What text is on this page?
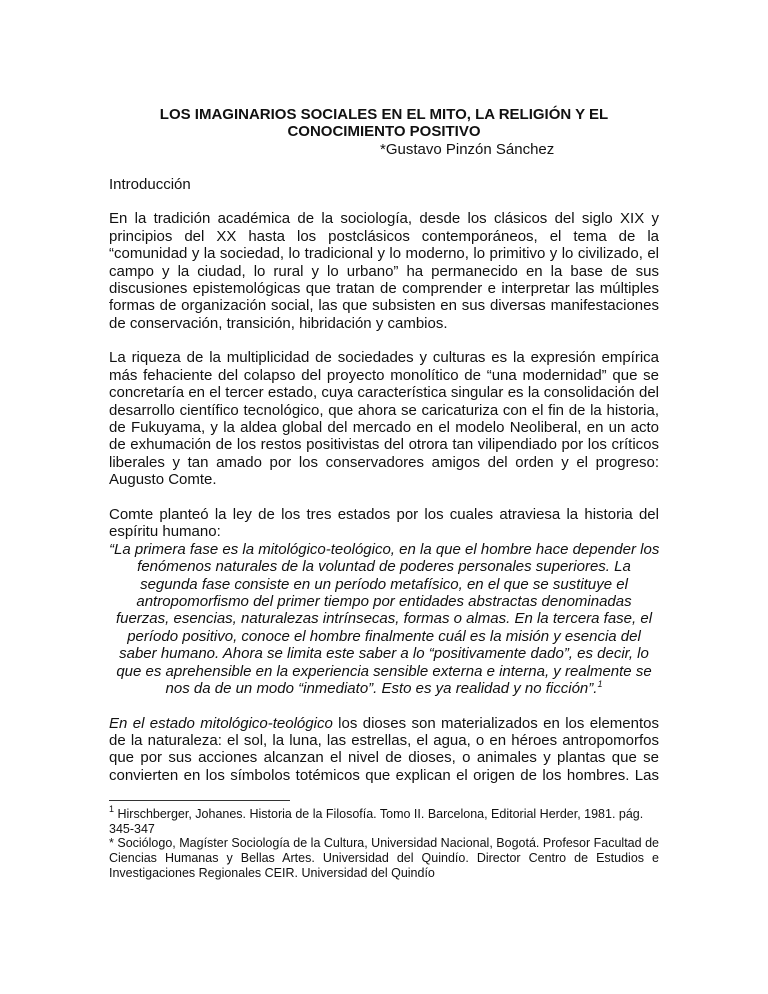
LOS IMAGINARIOS SOCIALES EN EL MITO, LA RELIGIÓN Y EL
CONOCIMIENTO POSITIVO
*Gustavo Pinzón Sánchez
Introducción
En la tradición académica de la sociología, desde los clásicos del siglo XIX y
principios del XX hasta los postclásicos contemporáneos, el tema de la
“comunidad y la sociedad, lo tradicional y lo moderno, lo primitivo y lo civilizado, el
campo y la ciudad, lo rural y lo urbano” ha permanecido en la base de sus
discusiones epistemológicas que tratan de comprender e interpretar las múltiples
formas de organización social, las que subsisten en sus diversas manifestaciones
de conservación, transición, hibridación y cambios.
La riqueza de la multiplicidad de sociedades y culturas es la expresión empírica
más fehaciente del colapso del proyecto monolítico de “una modernidad” que se
concretaría en el tercer estado, cuya característica singular es la consolidación del
desarrollo científico tecnológico, que ahora se caricaturiza con el fin de la historia,
de Fukuyama, y la aldea global del mercado en el modelo Neoliberal, en un acto
de exhumación de los restos positivistas del otrora tan vilipendiado por los críticos
liberales y tan amado por los conservadores amigos del orden y el progreso:
Augusto Comte.
Comte planteó la ley de los tres estados por los cuales atraviesa la historia del
espíritu humano:
“La primera fase es la mitológico-teológico, en la que el hombre hace depender los
fenómenos naturales de la voluntad de poderes personales superiores. La
segunda fase consiste en un período metafísico, en el que se sustituye el
antropomorfismo del primer tiempo por entidades abstractas denominadas
fuerzas, esencias, naturalezas intrínsecas, formas o almas. En la tercera fase, el
período positivo, conoce el hombre finalmente cuál es la misión y esencia del
saber humano. Ahora se limita este saber a lo “positivamente dado”, es decir, lo
que es aprehensible en la experiencia sensible externa e interna, y realmente se
nos da de un modo “inmediato”. Esto es ya realidad y no ficción”.$^1$
En el estado mitológico-teológico los dioses son materializados en los elementos
de la naturaleza: el sol, la luna, las estrellas, el agua, o en héroes antropomorfos
que por sus acciones alcanzan el nivel de dioses, o animales y plantas que se
convierten en los símbolos totémicos que explican el origen de los hombres. Las
$^1$ Hirschberger, Johanes. Historia de la Filosofía. Tomo II. Barcelona, Editorial Herder, 1981. pág.
345-347
* Sociólogo, Magíster Sociología de la Cultura, Universidad Nacional, Bogotá. Profesor Facultad de
Ciencias Humanas y Bellas Artes. Universidad del Quindío. Director Centro de Estudios e
Investigaciones Regionales CEIR. Universidad del Quindío
